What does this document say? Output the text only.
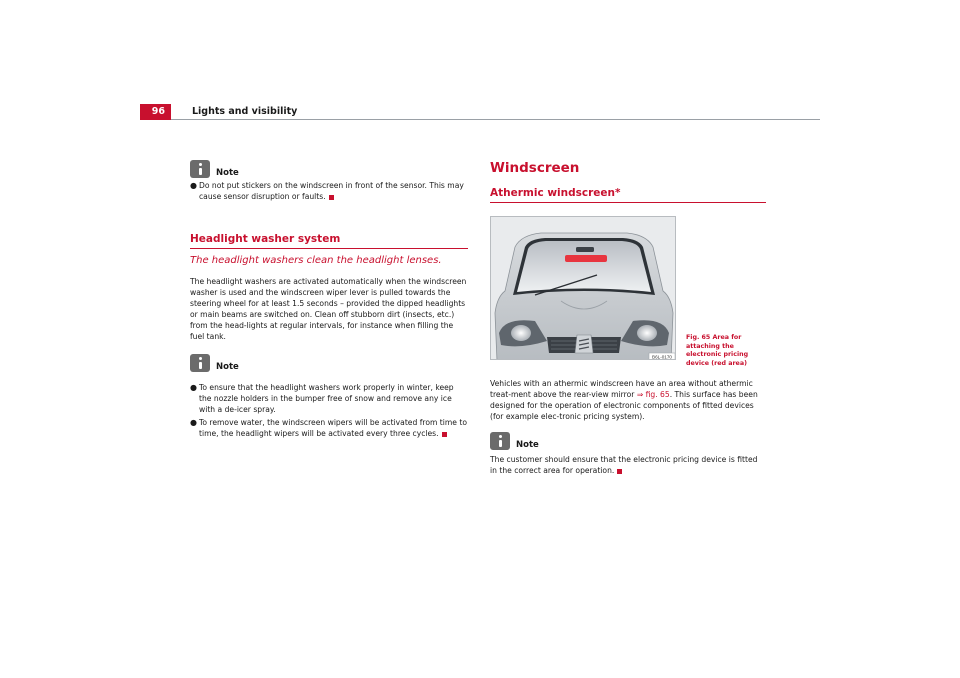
96	Lights and visibility
Note
● Do not put stickers on the windscreen in front of the sensor. This may cause sensor disruption or faults.
Headlight washer system
The headlight washers clean the headlight lenses.

The headlight washers are activated automatically when the windscreen washer is used and the windscreen wiper lever is pulled towards the steering wheel for at least 1.5 seconds – provided the dipped headlights or main beams are switched on. Clean off stubborn dirt (insects, etc.) from the head-lights at regular intervals, for instance when filling the fuel tank.

Note
● To ensure that the headlight washers work properly in winter, keep the nozzle holders in the bumper free of snow and remove any ice with a de-icer spray.
● To remove water, the windscreen wipers will be activated from time to time, the headlight wipers will be activated every three cycles.
Windscreen
Athermic windscreen*
B6L-0170
Fig. 65 Area for attaching the electronic pricing device (red area)

Vehicles with an athermic windscreen have an area without athermic treat-ment above the rear-view mirror ⇒ fig. 65. This surface has been designed for the operation of electronic components of fitted devices (for example elec-tronic pricing system).

Note

The customer should ensure that the electronic pricing device is fitted in the correct area for operation.
